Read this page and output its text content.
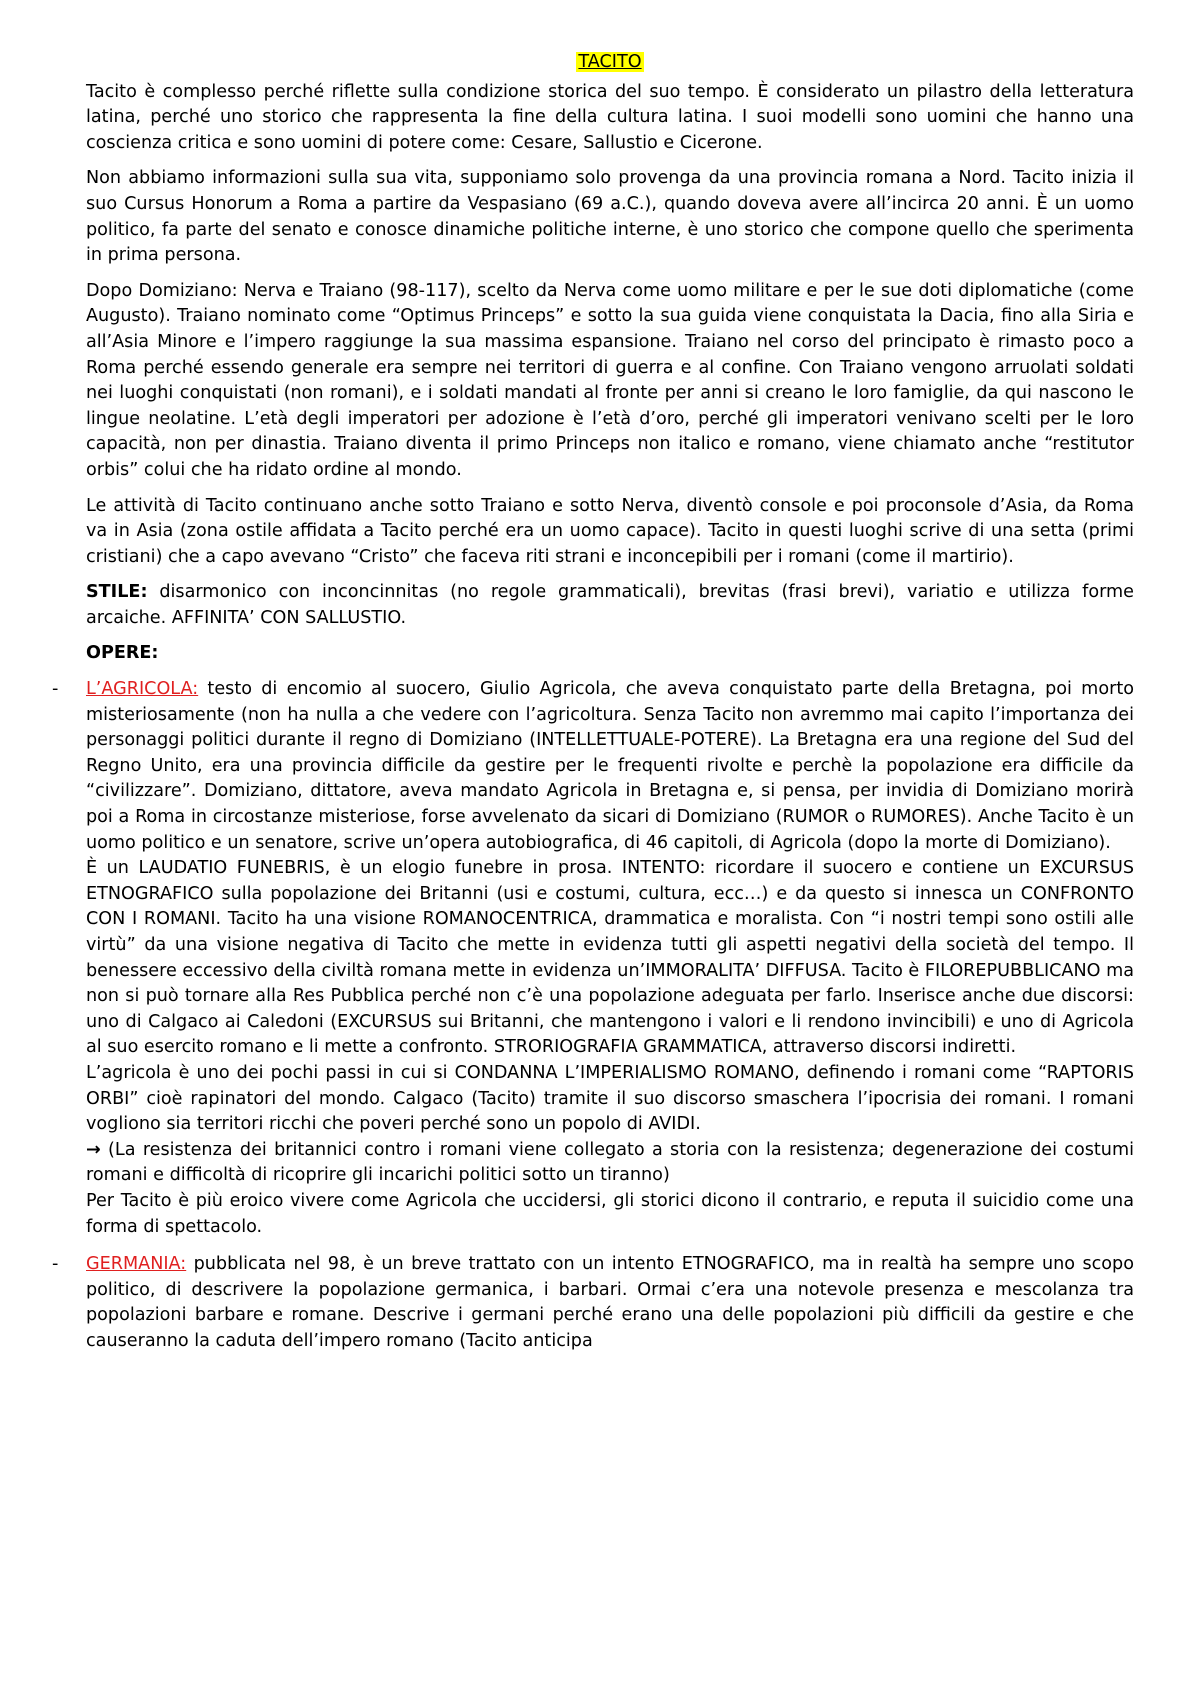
TACITO

Tacito è complesso perché riflette sulla condizione storica del suo tempo. È considerato un pilastro della letteratura latina, perché uno storico che rappresenta la fine della cultura latina. I suoi modelli sono uomini che hanno una coscienza critica e sono uomini di potere come: Cesare, Sallustio e Cicerone.

Non abbiamo informazioni sulla sua vita, supponiamo solo provenga da una provincia romana a Nord. Tacito inizia il suo Cursus Honorum a Roma a partire da Vespasiano (69 a.C.), quando doveva avere all’incirca 20 anni. È un uomo politico, fa parte del senato e conosce dinamiche politiche interne, è uno storico che compone quello che sperimenta in prima persona.

Dopo Domiziano: Nerva e Traiano (98-117), scelto da Nerva come uomo militare e per le sue doti diplomatiche (come Augusto). Traiano nominato come “Optimus Princeps” e sotto la sua guida viene conquistata la Dacia, fino alla Siria e all’Asia Minore e l’impero raggiunge la sua massima espansione. Traiano nel corso del principato è rimasto poco a Roma perché essendo generale era sempre nei territori di guerra e al confine. Con Traiano vengono arruolati soldati nei luoghi conquistati (non romani), e i soldati mandati al fronte per anni si creano le loro famiglie, da qui nascono le lingue neolatine. L’età degli imperatori per adozione è l’età d’oro, perché gli imperatori venivano scelti per le loro capacità, non per dinastia. Traiano diventa il primo Princeps non italico e romano, viene chiamato anche “restitutor orbis” colui che ha ridato ordine al mondo.

Le attività di Tacito continuano anche sotto Traiano e sotto Nerva, diventò console e poi proconsole d’Asia, da Roma va in Asia (zona ostile affidata a Tacito perché era un uomo capace). Tacito in questi luoghi scrive di una setta (primi cristiani) che a capo avevano “Cristo” che faceva riti strani e inconcepibili per i romani (come il martirio).

STILE: disarmonico con inconcinnitas (no regole grammaticali), brevitas (frasi brevi), variatio e utilizza forme arcaiche. AFFINITA’ CON SALLUSTIO.

OPERE:

- L’AGRICOLA: testo di encomio al suocero, Giulio Agricola, che aveva conquistato parte della Bretagna, poi morto misteriosamente (non ha nulla a che vedere con l’agricoltura. Senza Tacito non avremmo mai capito l’importanza dei personaggi politici durante il regno di Domiziano (INTELLETTUALE-POTERE). La Bretagna era una regione del Sud del Regno Unito, era una provincia difficile da gestire per le frequenti rivolte e perchè la popolazione era difficile da “civilizzare”. Domiziano, dittatore, aveva mandato Agricola in Bretagna e, si pensa, per invidia di Domiziano morirà poi a Roma in circostanze misteriose, forse avvelenato da sicari di Domiziano (RUMOR o RUMORES). Anche Tacito è un uomo politico e un senatore, scrive un’opera autobiografica, di 46 capitoli, di Agricola (dopo la morte di Domiziano).

È un LAUDATIO FUNEBRIS, è un elogio funebre in prosa. INTENTO: ricordare il suocero e contiene un EXCURSUS ETNOGRAFICO sulla popolazione dei Britanni (usi e costumi, cultura, ecc…) e da questo si innesca un CONFRONTO CON I ROMANI. Tacito ha una visione ROMANOCENTRICA, drammatica e moralista. Con “i nostri tempi sono ostili alle virtù” da una visione negativa di Tacito che mette in evidenza tutti gli aspetti negativi della società del tempo. Il benessere eccessivo della civiltà romana mette in evidenza un’IMMORALITA’ DIFFUSA. Tacito è FILOREPUBBLICANO ma non si può tornare alla Res Pubblica perché non c’è una popolazione adeguata per farlo. Inserisce anche due discorsi: uno di Calgaco ai Caledoni (EXCURSUS sui Britanni, che mantengono i valori e li rendono invincibili) e uno di Agricola al suo esercito romano e li mette a confronto. STRORIOGRAFIA GRAMMATICA, attraverso discorsi indiretti.

L’agricola è uno dei pochi passi in cui si CONDANNA L’IMPERIALISMO ROMANO, definendo i romani come “RAPTORIS ORBI” cioè rapinatori del mondo. Calgaco (Tacito) tramite il suo discorso smaschera l’ipocrisia dei romani. I romani vogliono sia territori ricchi che poveri perché sono un popolo di AVIDI.

→ (La resistenza dei britannici contro i romani viene collegato a storia con la resistenza; degenerazione dei costumi romani e difficoltà di ricoprire gli incarichi politici sotto un tiranno)

Per Tacito è più eroico vivere come Agricola che uccidersi, gli storici dicono il contrario, e reputa il suicidio come una forma di spettacolo.

- GERMANIA: pubblicata nel 98, è un breve trattato con un intento ETNOGRAFICO, ma in realtà ha sempre uno scopo politico, di descrivere la popolazione germanica, i barbari. Ormai c’era una notevole presenza e mescolanza tra popolazioni barbare e romane. Descrive i germani perché erano una delle popolazioni più difficili da gestire e che causeranno la caduta dell’impero romano (Tacito anticipa
